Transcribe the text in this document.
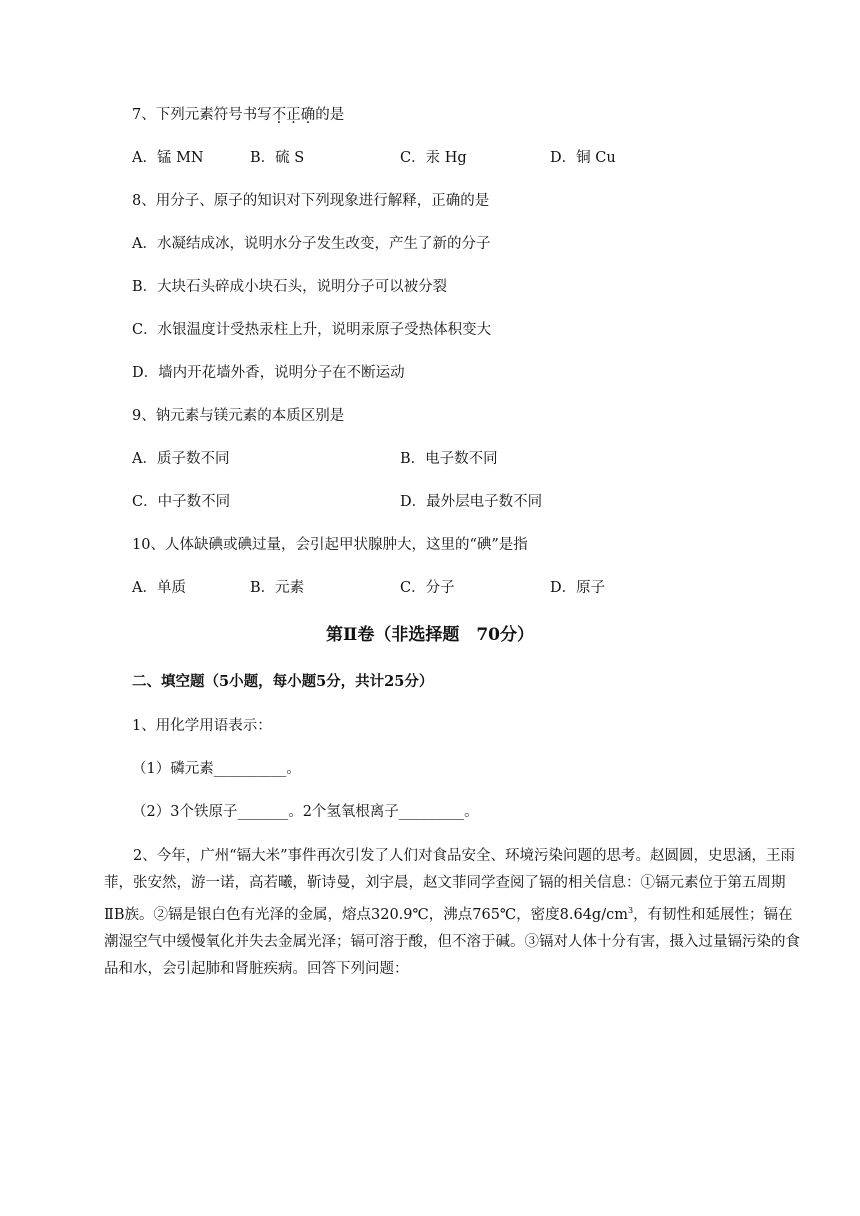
7、下列元素符号书写不正确的是
A．锰 MN	B．硫 S	C．汞 Hg	D．铜 Cu
8、用分子、原子的知识对下列现象进行解释，正确的是
A．水凝结成冰，说明水分子发生改变，产生了新的分子
B．大块石头碎成小块石头，说明分子可以被分裂
C．水银温度计受热汞柱上升，说明汞原子受热体积变大
D．墙内开花墙外香，说明分子在不断运动
9、钠元素与镁元素的本质区别是
A．质子数不同	B．电子数不同
C．中子数不同	D．最外层电子数不同
10、人体缺碘或碘过量，会引起甲状腺肿大，这里的“碘”是指
A．单质	B．元素	C．分子	D．原子
第Ⅱ卷（非选择题　70分）
二、填空题（5小题，每小题5分，共计25分）
1、用化学用语表示：
（1）磷元素__________。
（2）3个铁原子_______。2个氢氧根离子_________。
2、今年，广州“镉大米”事件再次引发了人们对食品安全、环境污染问题的思考。赵圆圆，史思涵，王雨菲，张安然，游一诺，高若曦，靳诗曼，刘宇晨，赵文菲同学查阅了镉的相关信息：①镉元素位于第五周期ⅡB族。②镉是银白色有光泽的金属，熔点320.9℃，沸点765℃，密度$8.64g/cm^3$，有韧性和延展性；镉在潮湿空气中缓慢氧化并失去金属光泽；镉可溶于酸，但不溶于碱。③镉对人体十分有害，摄入过量镉污染的食品和水，会引起肺和肾脏疾病。回答下列问题：
